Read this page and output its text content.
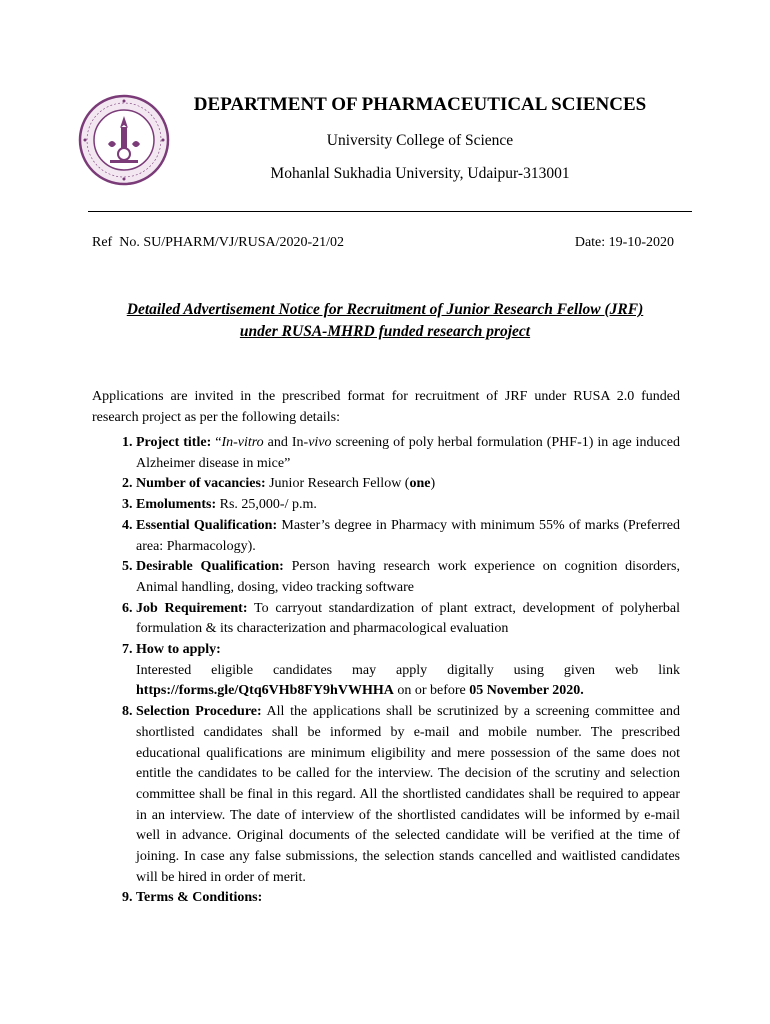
DEPARTMENT OF PHARMACEUTICAL SCIENCES
University College of Science
Mohanlal Sukhadia University, Udaipur-313001
Ref  No. SU/PHARM/VJ/RUSA/2020-21/02	Date: 19-10-2020
Detailed Advertisement Notice for Recruitment of Junior Research Fellow (JRF)
under RUSA-MHRD funded research project
Applications are invited in the prescribed format for recruitment of JRF under RUSA 2.0 funded research project as per the following details:
1. Project title: “In-vitro and In-vivo screening of poly herbal formulation (PHF-1) in age induced Alzheimer disease in mice”
2. Number of vacancies: Junior Research Fellow (one)
3. Emoluments: Rs. 25,000-/ p.m.
4. Essential Qualification: Master’s degree in Pharmacy with minimum 55% of marks (Preferred area: Pharmacology).
5. Desirable Qualification: Person having research work experience on cognition disorders, Animal handling, dosing, video tracking software
6. Job Requirement: To carryout standardization of plant extract, development of polyherbal formulation & its characterization and pharmacological evaluation
7. How to apply:

Interested eligible candidates may apply digitally using given web link
https://forms.gle/Qtq6VHb8FY9hVWHHA on or before 05 November 2020.
8. Selection Procedure: All the applications shall be scrutinized by a screening committee and shortlisted candidates shall be informed by e-mail and mobile number. The prescribed educational qualifications are minimum eligibility and mere possession of the same does not entitle the candidates to be called for the interview. The decision of the scrutiny and selection committee shall be final in this regard. All the shortlisted candidates shall be required to appear in an interview. The date of interview of the shortlisted candidates will be informed by e-mail well in advance. Original documents of the selected candidate will be verified at the time of joining. In case any false submissions, the selection stands cancelled and waitlisted candidates will be hired in order of merit.
9. Terms & Conditions:
